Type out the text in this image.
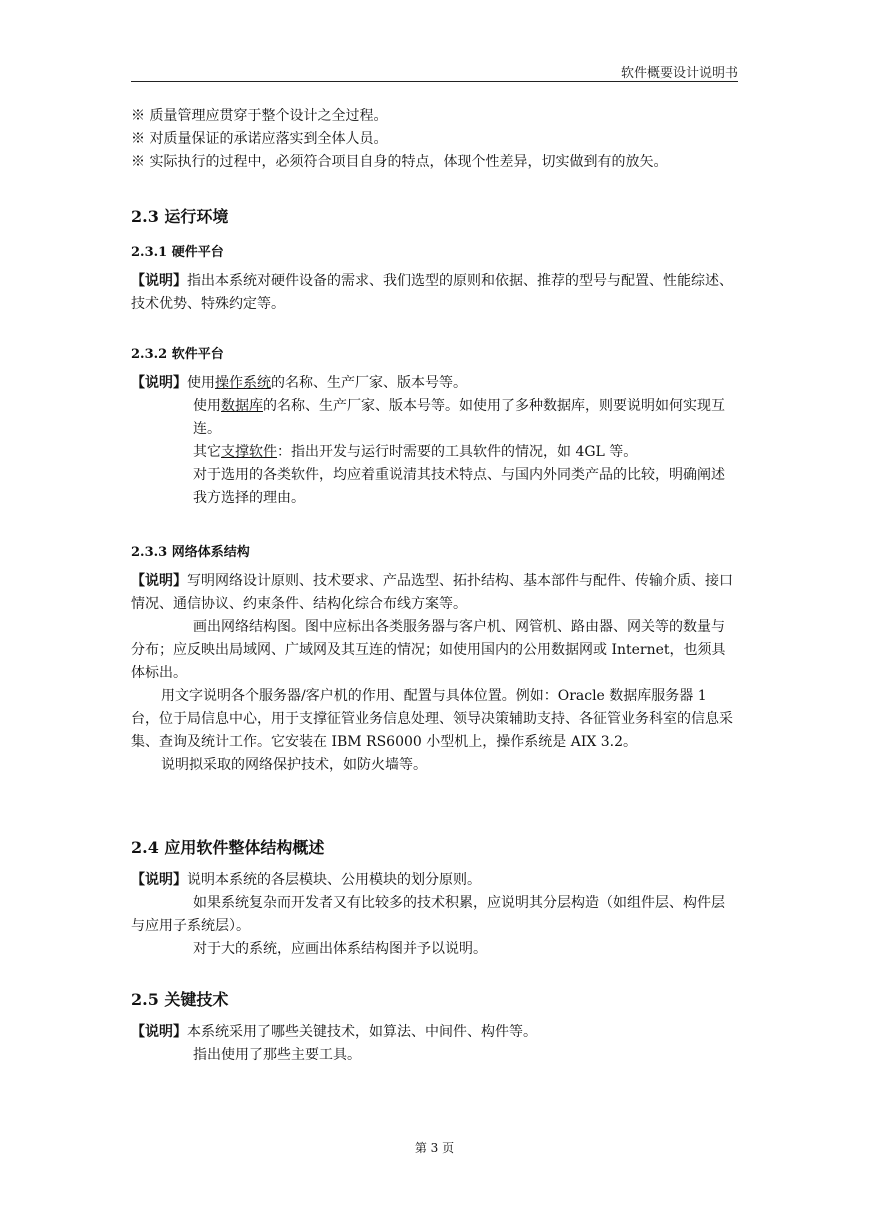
软件概要设计说明书

※ 质量管理应贯穿于整个设计之全过程。

※ 对质量保证的承诺应落实到全体人员。

※ 实际执行的过程中，必须符合项目自身的特点，体现个性差异，切实做到有的放矢。

2.3 运行环境
2.3.1 硬件平台

【说明】指出本系统对硬件设备的需求、我们选型的原则和依据、推荐的型号与配置、性能综述、技术优势、特殊约定等。

2.3.2 软件平台

【说明】使用操作系统的名称、生产厂家、版本号等。

使用数据库的名称、生产厂家、版本号等。如使用了多种数据库，则要说明如何实现互连。

其它支撑软件：指出开发与运行时需要的工具软件的情况，如 4GL 等。

对于选用的各类软件，均应着重说清其技术特点、与国内外同类产品的比较，明确阐述我方选择的理由。

2.3.3 网络体系结构

【说明】写明网络设计原则、技术要求、产品选型、拓扑结构、基本部件与配件、传输介质、接口情况、通信协议、约束条件、结构化综合布线方案等。

画出网络结构图。图中应标出各类服务器与客户机、网管机、路由器、网关等的数量与分布；应反映出局域网、广域网及其互连的情况；如使用国内的公用数据网或 Internet，也须具体标出。

用文字说明各个服务器/客户机的作用、配置与具体位置。例如：Oracle 数据库服务器 1 台，位于局信息中心，用于支撑征管业务信息处理、领导决策辅助支持、各征管业务科室的信息采集、查询及统计工作。它安装在 IBM RS6000 小型机上，操作系统是 AIX 3.2。

说明拟采取的网络保护技术，如防火墙等。

2.4 应用软件整体结构概述

【说明】说明本系统的各层模块、公用模块的划分原则。

如果系统复杂而开发者又有比较多的技术积累，应说明其分层构造（如组件层、构件层与应用子系统层）。

对于大的系统，应画出体系结构图并予以说明。

2.5 关键技术

【说明】本系统采用了哪些关键技术，如算法、中间件、构件等。

指出使用了那些主要工具。

第 3 页
